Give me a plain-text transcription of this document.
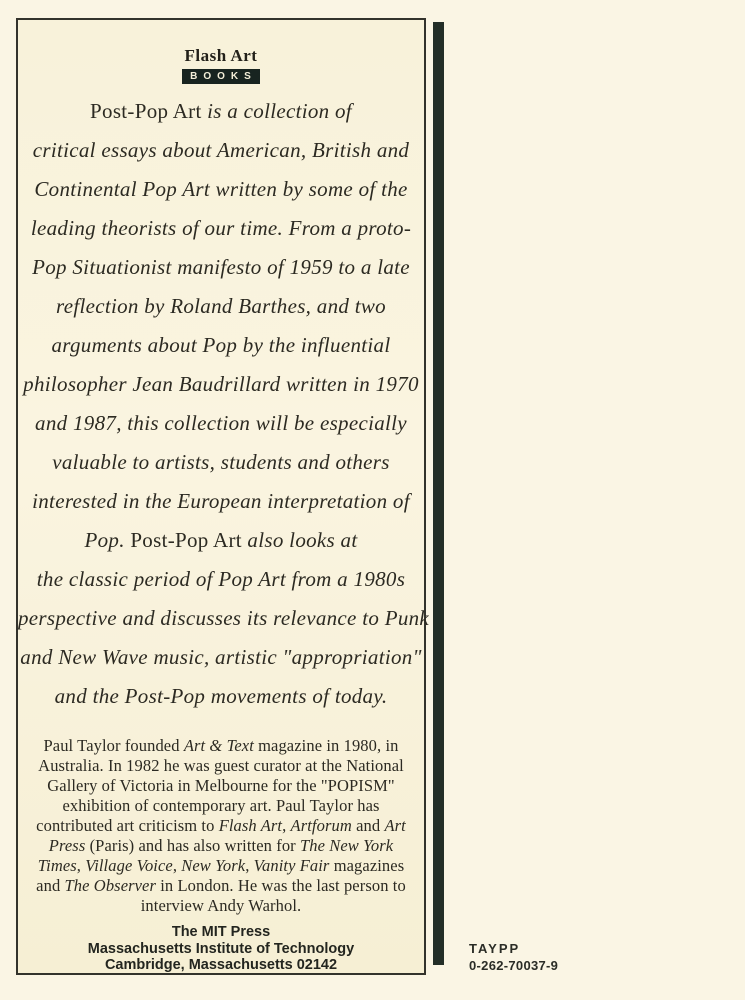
Flash Art
BOOKS
Post-Pop Art is a collection of
critical essays about American, British and
Continental Pop Art written by some of the
leading theorists of our time. From a proto-
Pop Situationist manifesto of 1959 to a late
reflection by Roland Barthes, and two
arguments about Pop by the influential
philosopher Jean Baudrillard written in 1970
and 1987, this collection will be especially
valuable to artists, students and others
interested in the European interpretation of
Pop. Post-Pop Art also looks at
the classic period of Pop Art from a 1980s
perspective and discusses its relevance to Punk
and New Wave music, artistic "appropriation"
and the Post-Pop movements of today.
Paul Taylor founded Art & Text magazine in 1980, in
Australia. In 1982 he was guest curator at the National
Gallery of Victoria in Melbourne for the "POPISM"
exhibition of contemporary art. Paul Taylor has
contributed art criticism to Flash Art, Artforum and Art
Press (Paris) and has also written for The New York
Times, Village Voice, New York, Vanity Fair magazines
and The Observer in London. He was the last person to
interview Andy Warhol.
The MIT Press
Massachusetts Institute of Technology
Cambridge, Massachusetts 02142
TAYPP
0-262-70037-9
